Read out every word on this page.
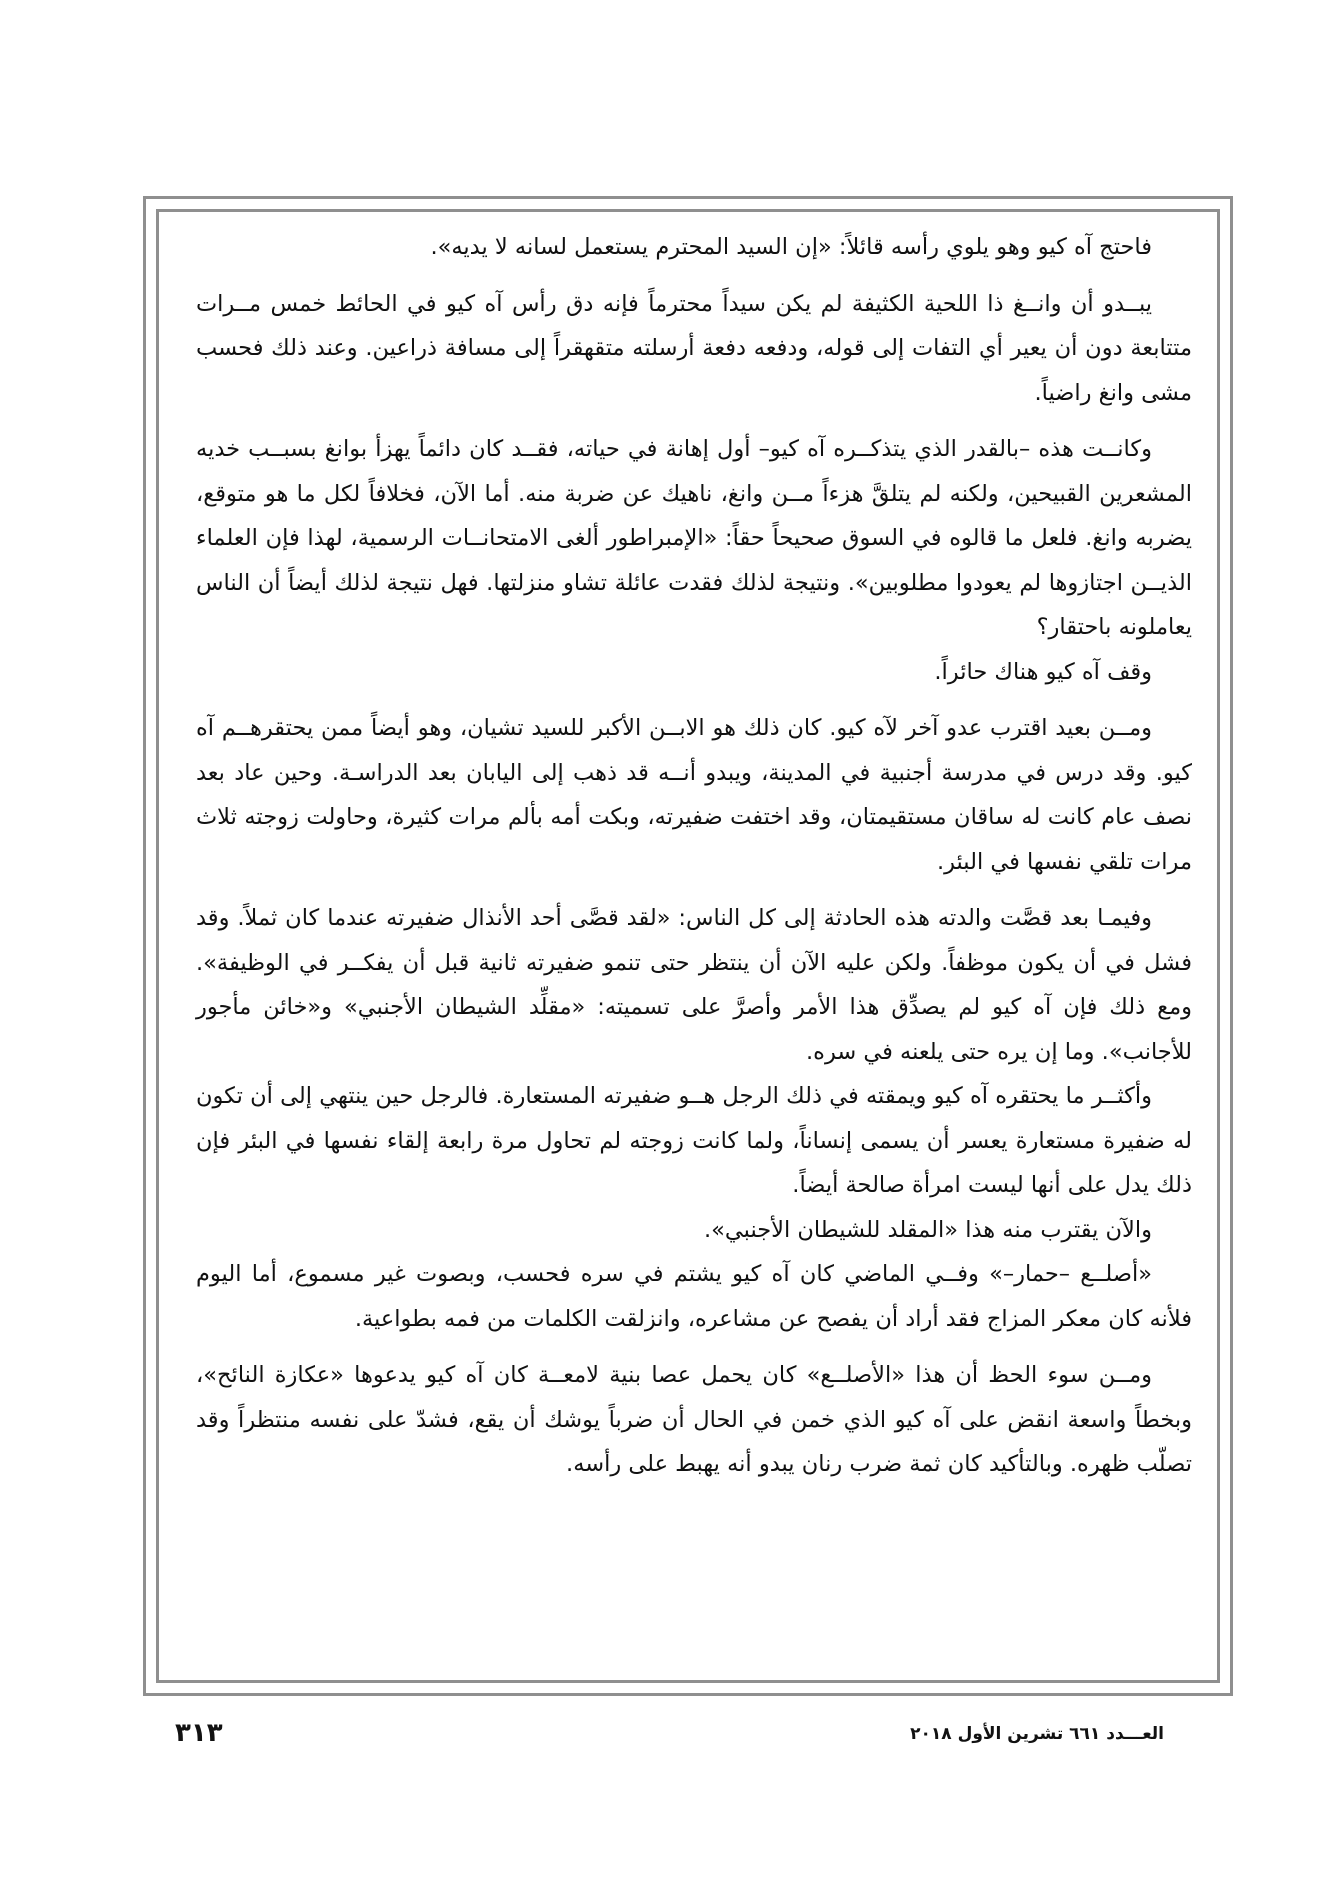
فاحتج آه كيو وهو يلوي رأسه قائلاً: «إن السيد المحترم يستعمل لسانه لا يديه».

يبــدو أن وانــغ ذا اللحية الكثيفة لم يكن سيداً محترماً فإنه دق رأس آه كيو في الحائط خمس مــرات متتابعة دون أن يعير أي التفات إلى قوله، ودفعه دفعة أرسلته متقهقراً إلى مسافة ذراعين. وعند ذلك فحسب مشى وانغ راضياً.

وكانــت هذه –بالقدر الذي يتذكــره آه كيو– أول إهانة في حياته، فقــد كان دائماً يهزأ بوانغ بسبــب خديه المشعرين القبيحين، ولكنه لم يتلقَّ هزءاً مــن وانغ، ناهيك عن ضربة منه. أما الآن، فخلافاً لكل ما هو متوقع، يضربه وانغ. فلعل ما قالوه في السوق صحيحاً حقاً: «الإمبراطور ألغى الامتحانــات الرسمية، لهذا فإن العلماء الذيــن اجتازوها لم يعودوا مطلوبين». ونتيجة لذلك فقدت عائلة تشاو منزلتها. فهل نتيجة لذلك أيضاً أن الناس يعاملونه باحتقار؟

وقف آه كيو هناك حائراً.

ومــن بعيد اقترب عدو آخر لآه كيو. كان ذلك هو الابــن الأكبر للسيد تشيان، وهو أيضاً ممن يحتقرهــم آه كيو. وقد درس في مدرسة أجنبية في المدينة، ويبدو أنــه قد ذهب إلى اليابان بعد الدراسـة. وحين عاد بعد نصف عام كانت له ساقان مستقيمتان، وقد اختفت ضفيرته، وبكت أمه بألم مرات كثيرة، وحاولت زوجته ثلاث مرات تلقي نفسها في البئر.

وفيمـا بعد قصَّت والدته هذه الحادثة إلى كل الناس: «لقد قصَّى أحد الأنذال ضفيرته عندما كان ثملاً. وقد فشل في أن يكون موظفاً. ولكن عليه الآن أن ينتظر حتى تنمو ضفيرته ثانية قبل أن يفكــر في الوظيفة». ومع ذلك فإن آه كيو لم يصدِّق هذا الأمر وأصرَّ على تسميته: «مقلِّد الشيطان الأجنبي» و«خائن مأجور للأجانب». وما إن يره حتى يلعنه في سره.

وأكثــر ما يحتقره آه كيو ويمقته في ذلك الرجل هــو ضفيرته المستعارة. فالرجل حين ينتهي إلى أن تكون له ضفيرة مستعارة يعسر أن يسمى إنساناً، ولما كانت زوجته لم تحاول مرة رابعة إلقاء نفسها في البئر فإن ذلك يدل على أنها ليست امرأة صالحة أيضاً.

والآن يقترب منه هذا «المقلد للشيطان الأجنبي».

«أصلــع –حمار–» وفــي الماضي كان آه كيو يشتم في سره فحسب، وبصوت غير مسموع، أما اليوم فلأنه كان معكر المزاج فقد أراد أن يفصح عن مشاعره، وانزلقت الكلمات من فمه بطواعية.

ومــن سوء الحظ أن هذا «الأصلــع» كان يحمل عصا بنية لامعــة كان آه كيو يدعوها «عكازة النائح»، وبخطاً واسعة انقض على آه كيو الذي خمن في الحال أن ضرباً يوشك أن يقع، فشدّ على نفسه منتظراً وقد تصلّب ظهره. وبالتأكيد كان ثمة ضرب رنان يبدو أنه يهبط على رأسه.

العـــدد ٦٦١ تشرين الأول ٢٠١٨
٣١٣
